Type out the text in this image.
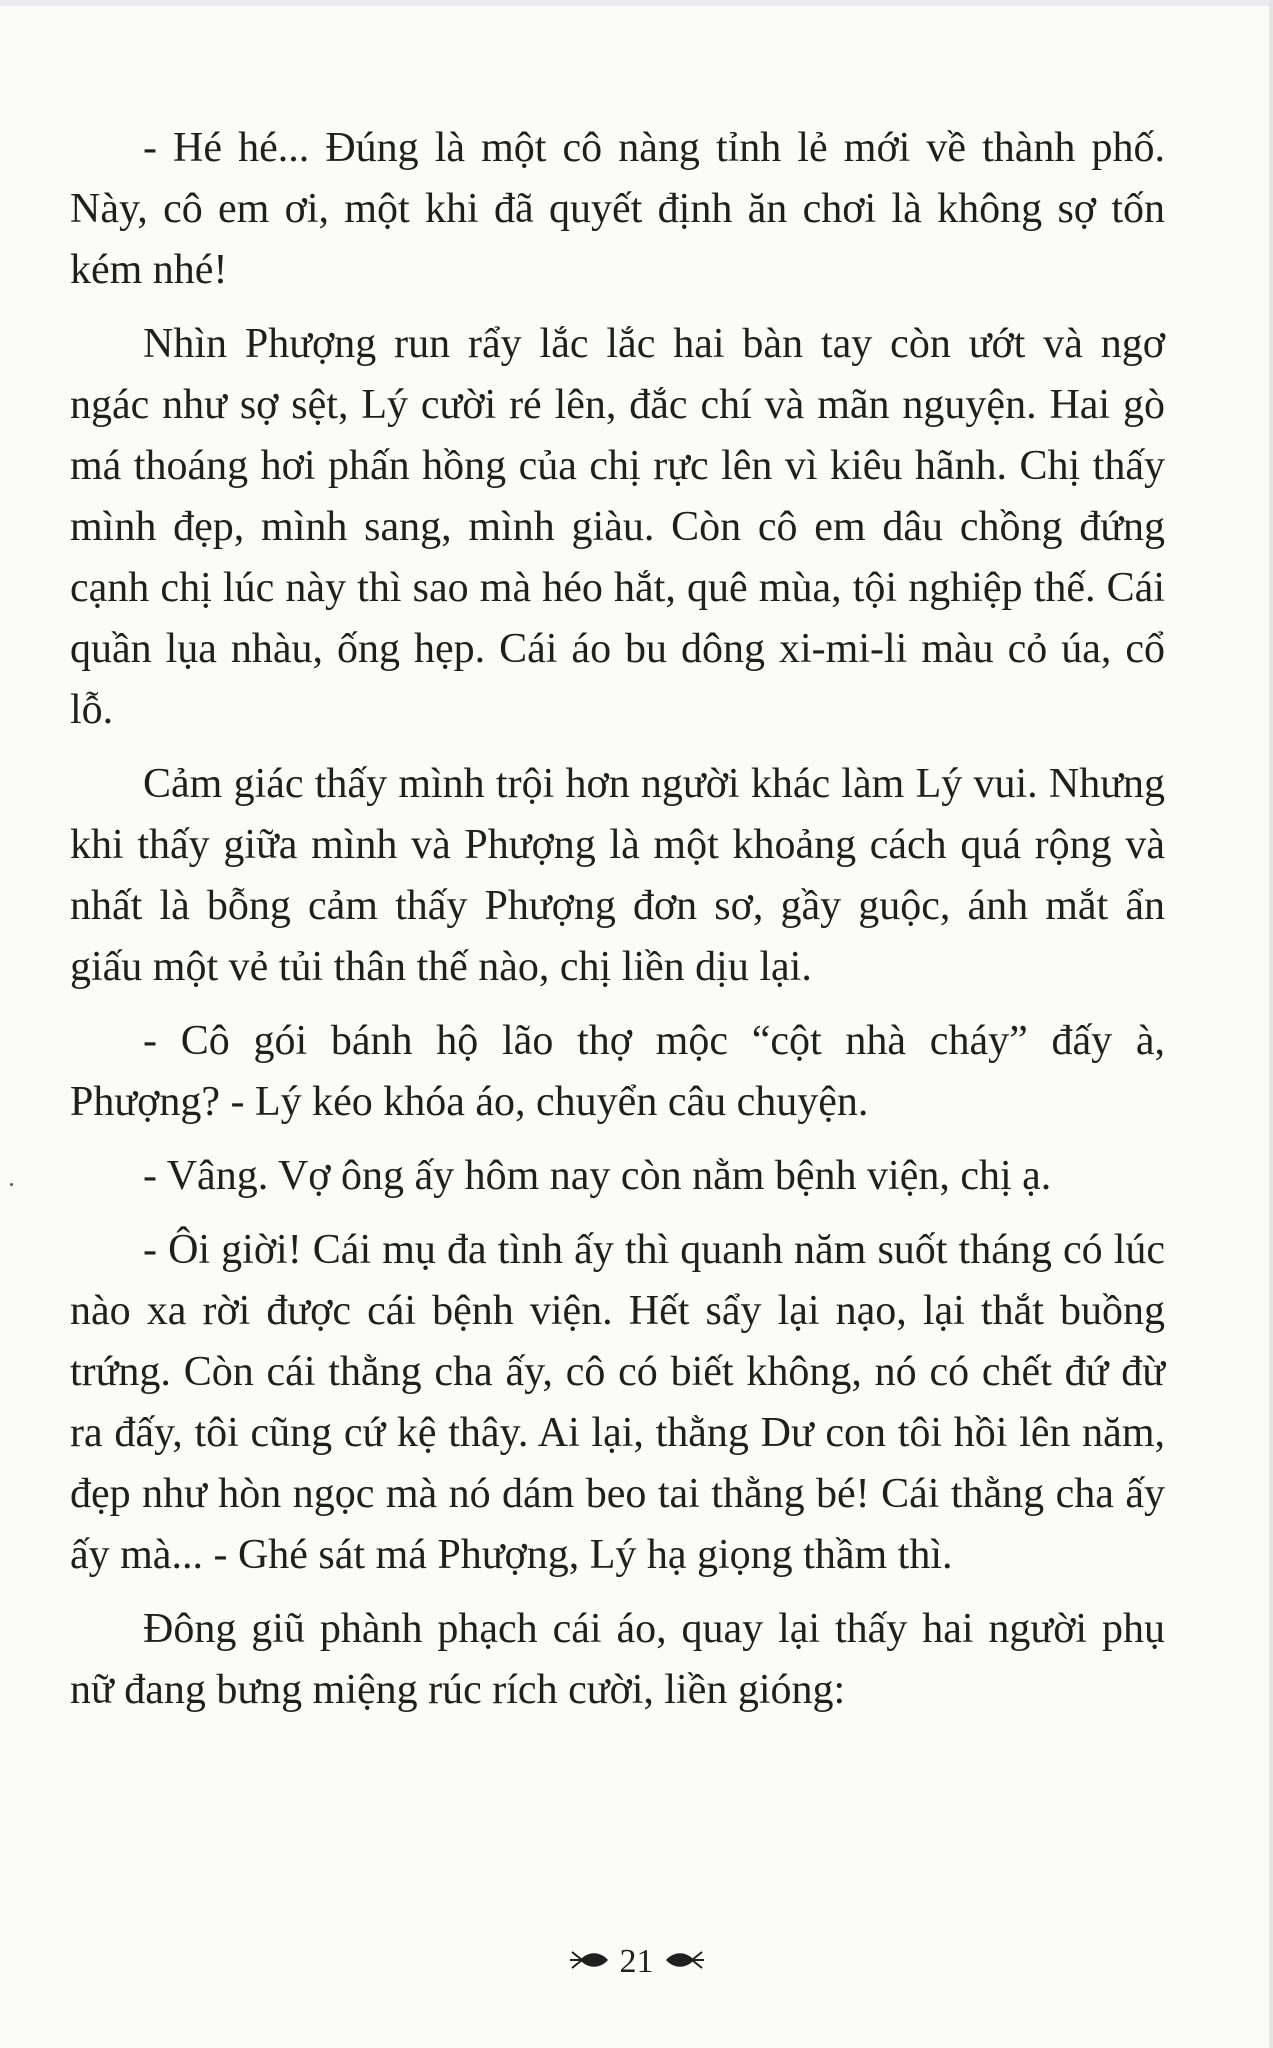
- Hé hé... Đúng là một cô nàng tỉnh lẻ mới về thành phố. Này, cô em ơi, một khi đã quyết định ăn chơi là không sợ tốn kém nhé!

Nhìn Phượng run rẩy lắc lắc hai bàn tay còn ướt và ngơ ngác như sợ sệt, Lý cười ré lên, đắc chí và mãn nguyện. Hai gò má thoáng hơi phấn hồng của chị rực lên vì kiêu hãnh. Chị thấy mình đẹp, mình sang, mình giàu. Còn cô em dâu chồng đứng cạnh chị lúc này thì sao mà héo hắt, quê mùa, tội nghiệp thế. Cái quần lụa nhàu, ống hẹp. Cái áo bu dông xi-mi-li màu cỏ úa, cổ lỗ.

Cảm giác thấy mình trội hơn người khác làm Lý vui. Nhưng khi thấy giữa mình và Phượng là một khoảng cách quá rộng và nhất là bỗng cảm thấy Phượng đơn sơ, gầy guộc, ánh mắt ẩn giấu một vẻ tủi thân thế nào, chị liền dịu lại.

- Cô gói bánh hộ lão thợ mộc “cột nhà cháy” đấy à, Phượng? - Lý kéo khóa áo, chuyển câu chuyện.

- Vâng. Vợ ông ấy hôm nay còn nằm bệnh viện, chị ạ.

- Ôi giời! Cái mụ đa tình ấy thì quanh năm suốt tháng có lúc nào xa rời được cái bệnh viện. Hết sẩy lại nạo, lại thắt buồng trứng. Còn cái thằng cha ấy, cô có biết không, nó có chết đứ đừ ra đấy, tôi cũng cứ kệ thây. Ai lại, thằng Dư con tôi hồi lên năm, đẹp như hòn ngọc mà nó dám beo tai thằng bé! Cái thằng cha ấy ấy mà... - Ghé sát má Phượng, Lý hạ giọng thầm thì.

Đông giũ phành phạch cái áo, quay lại thấy hai người phụ nữ đang bưng miệng rúc rích cười, liền gióng:

21
